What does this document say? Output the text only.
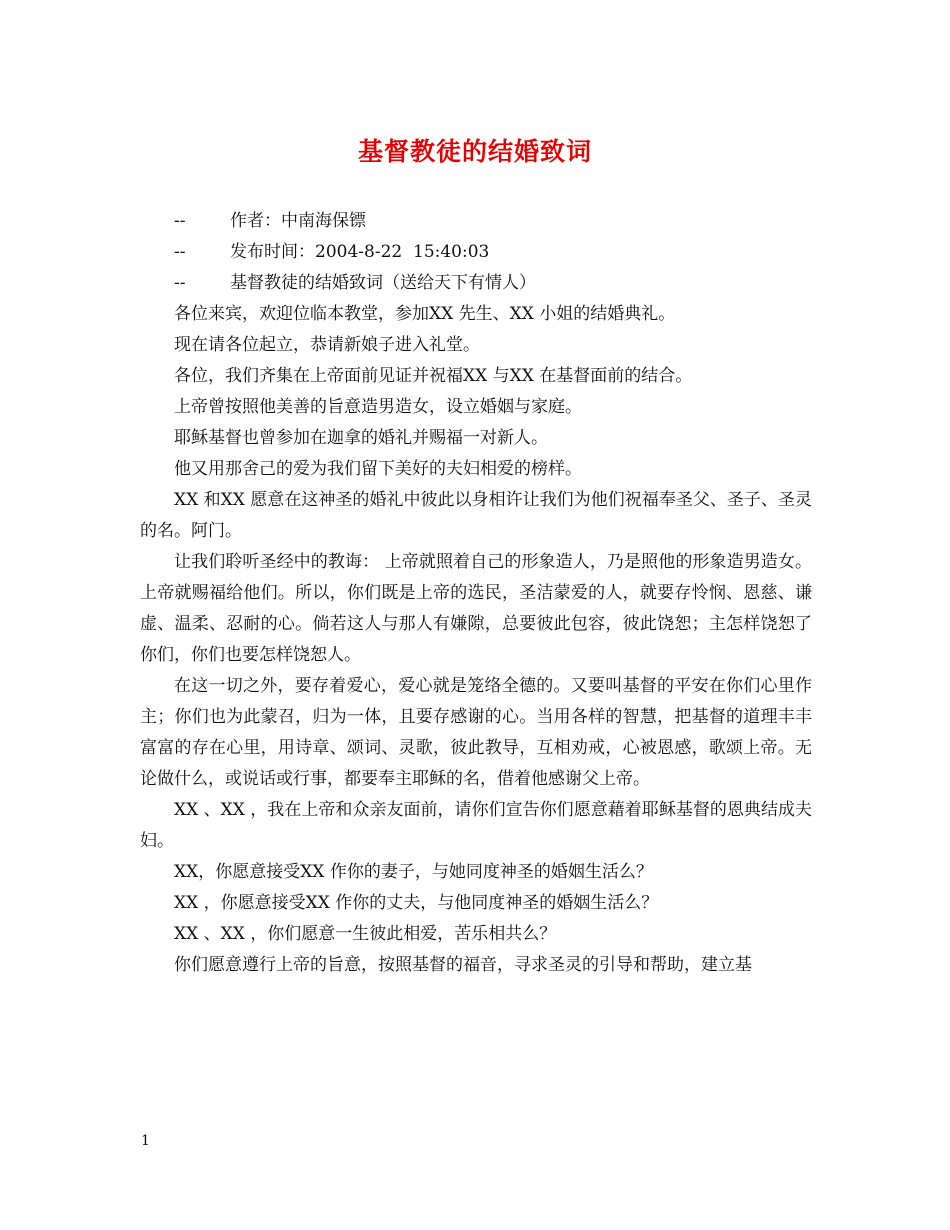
基督教徒的结婚致词

--	作者：中南海保镖

--	发布时间：2004-8-22  15:40:03

--	基督教徒的结婚致词（送给天下有情人）

各位来宾，欢迎位临本教堂，参加XX 先生、XX 小姐的结婚典礼。

现在请各位起立，恭请新娘子进入礼堂。

各位，我们齐集在上帝面前见证并祝福XX 与XX 在基督面前的结合。

上帝曾按照他美善的旨意造男造女，设立婚姻与家庭。

耶稣基督也曾参加在迦拿的婚礼并赐福一对新人。

他又用那舍己的爱为我们留下美好的夫妇相爱的榜样。

XX 和XX 愿意在这神圣的婚礼中彼此以身相许让我们为他们祝福奉圣父、圣子、圣灵的名。阿门。

让我们聆听圣经中的教诲： 上帝就照着自己的形象造人，乃是照他的形象造男造女。上帝就赐福给他们。所以，你们既是上帝的选民，圣洁蒙爱的人，就要存怜悯、恩慈、谦虚、温柔、忍耐的心。倘若这人与那人有嫌隙，总要彼此包容，彼此饶恕；主怎样饶恕了你们，你们也要怎样饶恕人。

在这一切之外，要存着爱心，爱心就是笼络全德的。又要叫基督的平安在你们心里作主；你们也为此蒙召，归为一体，且要存感谢的心。当用各样的智慧，把基督的道理丰丰富富的存在心里，用诗章、颂词、灵歌，彼此教导，互相劝戒，心被恩感，歌颂上帝。无论做什么，或说话或行事，都要奉主耶稣的名，借着他感谢父上帝。

XX 、XX ，我在上帝和众亲友面前，请你们宣告你们愿意藉着耶稣基督的恩典结成夫妇。

XX，你愿意接受XX 作你的妻子，与她同度神圣的婚姻生活么？

XX ，你愿意接受XX 作你的丈夫，与他同度神圣的婚姻生活么？

XX 、XX ，你们愿意一生彼此相爱，苦乐相共么？

你们愿意遵行上帝的旨意，按照基督的福音，寻求圣灵的引导和帮助，建立基

1
